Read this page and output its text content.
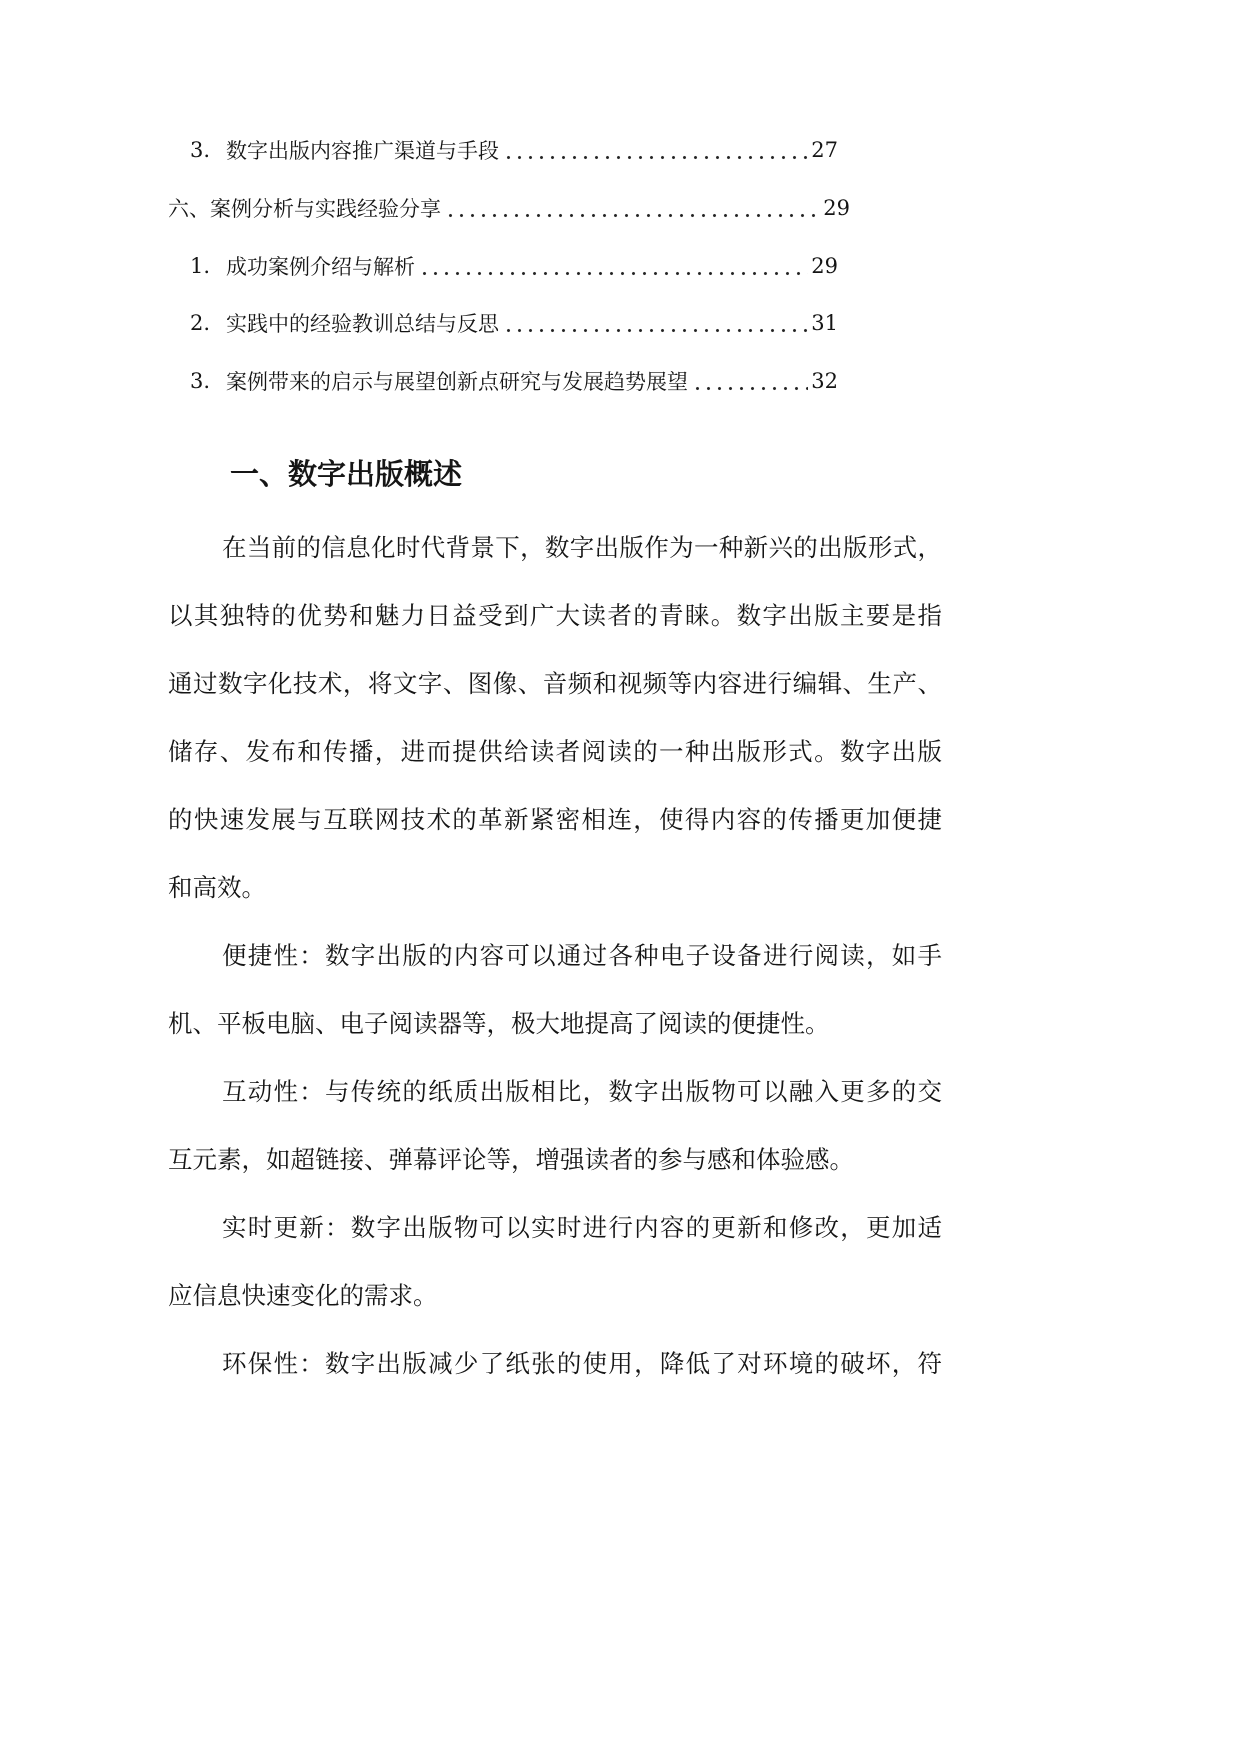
3. 数字出版内容推广渠道与手段	27
六、案例分析与实践经验分享	29
1. 成功案例介绍与解析	29
2. 实践中的经验教训总结与反思	31
3. 案例带来的启示与展望创新点研究与发展趋势展望	32
一、数字出版概述
在当前的信息化时代背景下，数字出版作为一种新兴的出版形式，
以其独特的优势和魅力日益受到广大读者的青睐。数字出版主要是指
通过数字化技术，将文字、图像、音频和视频等内容进行编辑、生产、
储存、发布和传播，进而提供给读者阅读的一种出版形式。数字出版
的快速发展与互联网技术的革新紧密相连，使得内容的传播更加便捷
和高效。
便捷性：数字出版的内容可以通过各种电子设备进行阅读，如手
机、平板电脑、电子阅读器等，极大地提高了阅读的便捷性。
互动性：与传统的纸质出版相比，数字出版物可以融入更多的交
互元素，如超链接、弹幕评论等，增强读者的参与感和体验感。
实时更新：数字出版物可以实时进行内容的更新和修改，更加适
应信息快速变化的需求。
环保性：数字出版减少了纸张的使用，降低了对环境的破坏，符
